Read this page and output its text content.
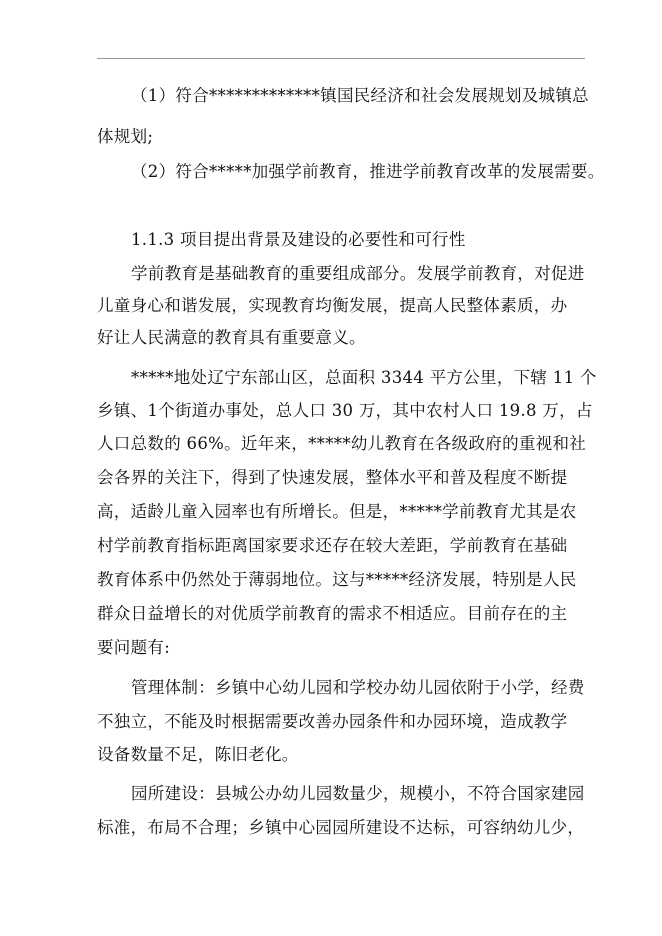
（1）符合*************镇国民经济和社会发展规划及城镇总
体规划;
（2）符合*****加强学前教育，推进学前教育改革的发展需要。
1.1.3 项目提出背景及建设的必要性和可行性
学前教育是基础教育的重要组成部分。发展学前教育，对促进
儿童身心和谐发展，实现教育均衡发展，提高人民整体素质，办
好让人民满意的教育具有重要意义。
*****地处辽宁东部山区，总面积 3344 平方公里，下辖 11 个
乡镇、1个街道办事处，总人口 30 万，其中农村人口 19.8 万，占
人口总数的 66%。近年来，*****幼儿教育在各级政府的重视和社
会各界的关注下，得到了快速发展，整体水平和普及程度不断提
高，适龄儿童入园率也有所增长。但是，*****学前教育尤其是农
村学前教育指标距离国家要求还存在较大差距，学前教育在基础
教育体系中仍然处于薄弱地位。这与*****经济发展，特别是人民
群众日益增长的对优质学前教育的需求不相适应。目前存在的主
要问题有:
管理体制：乡镇中心幼儿园和学校办幼儿园依附于小学，经费
不独立，不能及时根据需要改善办园条件和办园环境，造成教学
设备数量不足，陈旧老化。
园所建设：县城公办幼儿园数量少，规模小，不符合国家建园
标准，布局不合理；乡镇中心园园所建设不达标，可容纳幼儿少，
